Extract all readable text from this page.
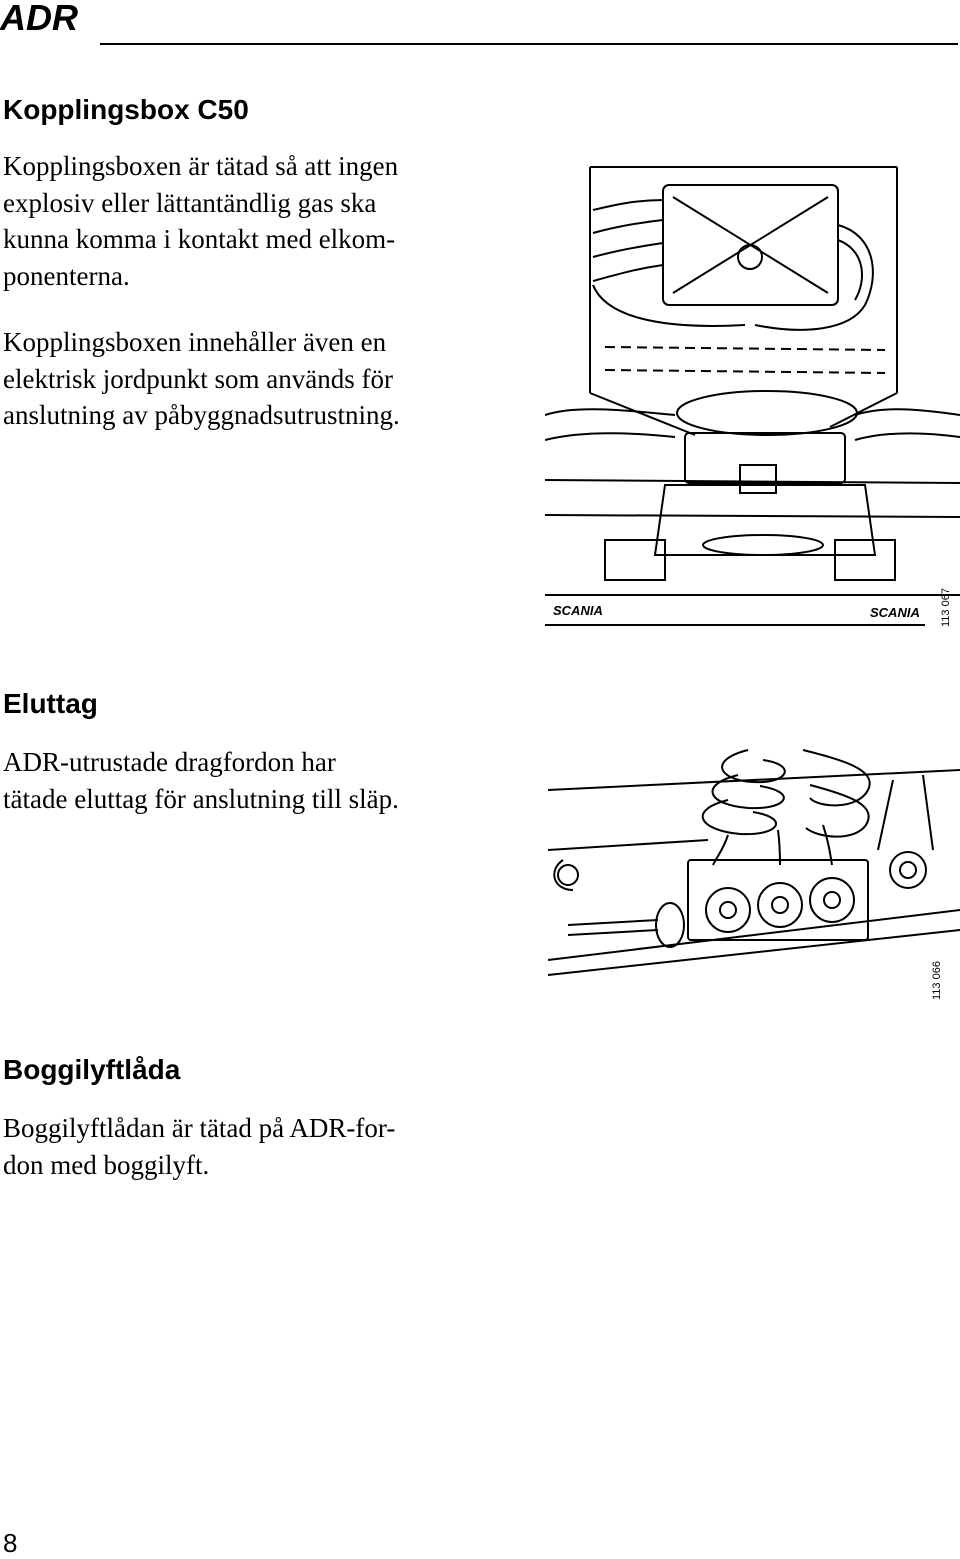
ADR
Kopplingsbox C50

Kopplingsboxen är tätad så att ingen
explosiv eller lättantändlig gas ska
kunna komma i kontakt med elkom-
ponenterna.

Kopplingsboxen innehåller även en
elektrisk jordpunkt som används för
anslutning av påbyggnadsutrustning.

SCANIA	SCANIA 113 067
Eluttag

ADR-utrustade dragfordon har
tätade eluttag för anslutning till släp.

113 066
Boggilyftlåda

Boggilyftlådan är tätad på ADR-for-
don med boggilyft.

8
